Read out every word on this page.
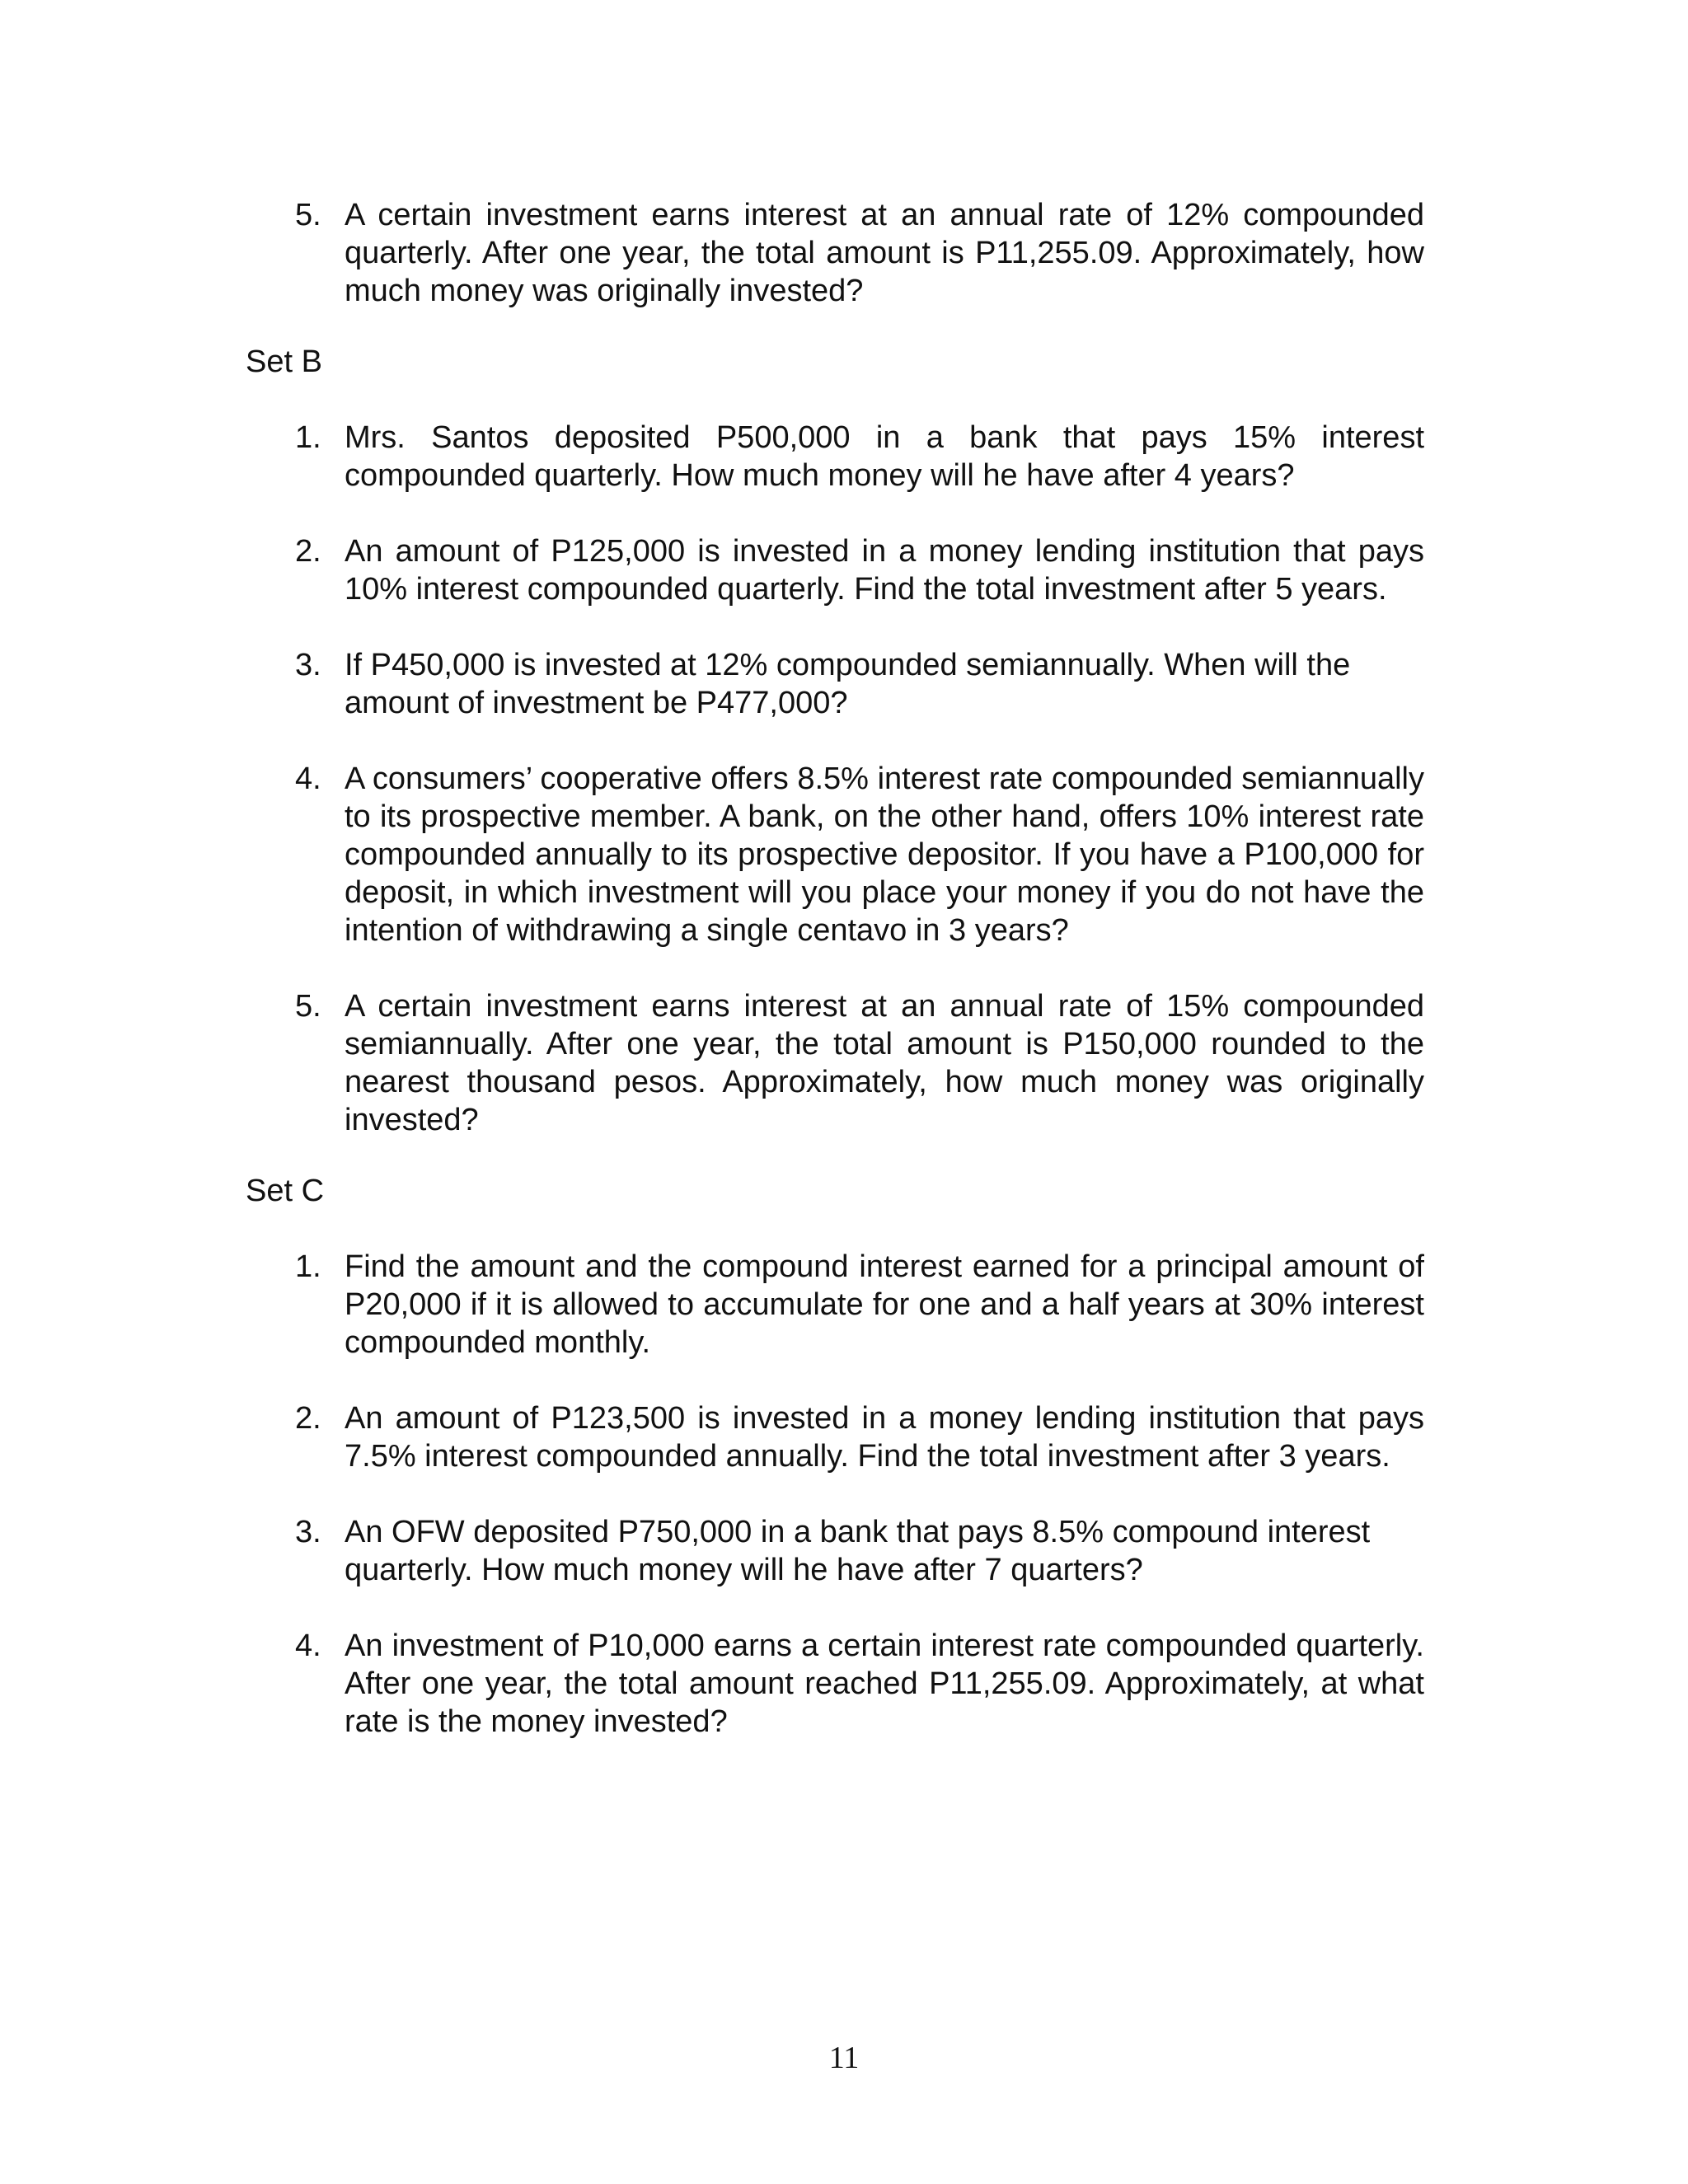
5. A certain investment earns interest at an annual rate of 12% compounded quarterly. After one year, the total amount is P11,255.09. Approximately, how much money was originally invested?
Set B
1. Mrs. Santos deposited P500,000 in a bank that pays 15% interest compounded quarterly. How much money will he have after 4 years?
2. An amount of P125,000 is invested in a money lending institution that pays 10% interest compounded quarterly. Find the total investment after 5 years.
3. If P450,000 is invested at 12% compounded semiannually. When will the amount of investment be P477,000?
4. A consumers’ cooperative offers 8.5% interest rate compounded semiannually to its prospective member. A bank, on the other hand, offers 10% interest rate compounded annually to its prospective depositor. If you have a P100,000 for deposit, in which investment will you place your money if you do not have the intention of withdrawing a single centavo in 3 years?
5. A certain investment earns interest at an annual rate of 15% compounded semiannually. After one year, the total amount is P150,000 rounded to the nearest thousand pesos. Approximately, how much money was originally invested?
Set C
1. Find the amount and the compound interest earned for a principal amount of P20,000 if it is allowed to accumulate for one and a half years at 30% interest compounded monthly.
2. An amount of P123,500 is invested in a money lending institution that pays 7.5% interest compounded annually. Find the total investment after 3 years.
3. An OFW deposited P750,000 in a bank that pays 8.5% compound interest quarterly. How much money will he have after 7 quarters?
4. An investment of P10,000 earns a certain interest rate compounded quarterly. After one year, the total amount reached P11,255.09. Approximately, at what rate is the money invested?
11
